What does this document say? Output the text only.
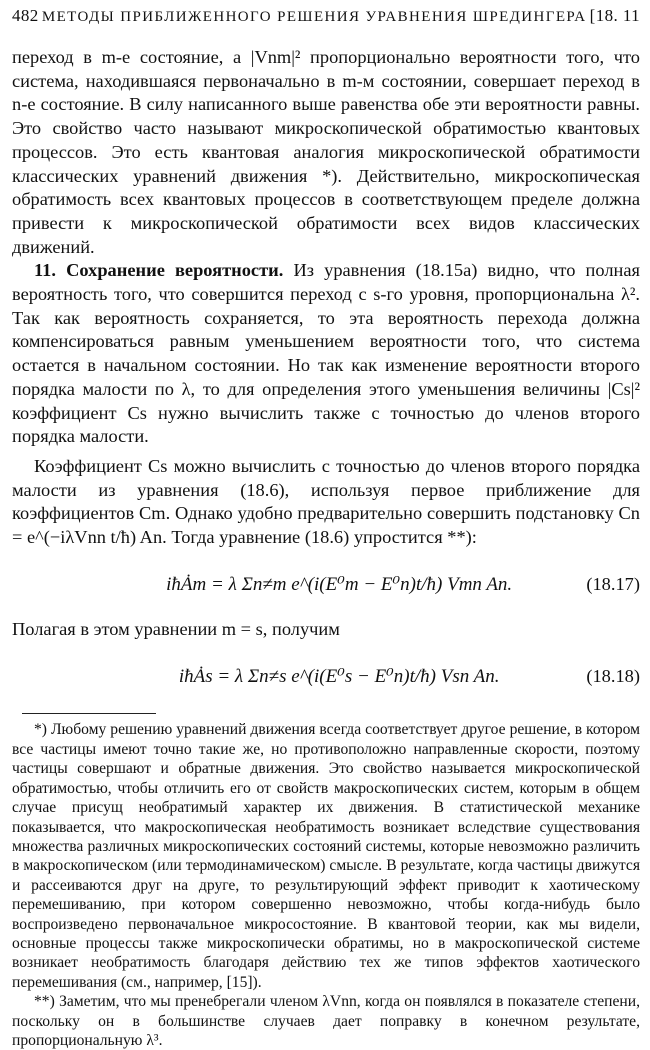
482 МЕТОДЫ ПРИБЛИЖЕННОГО РЕШЕНИЯ УРАВНЕНИЯ ШРЕДИНГЕРА [18. 11

переход в m-е состояние, а |Vnm|² пропорционально вероятности того, что система, находившаяся первоначально в m-м состоянии, совершает переход в n-е состояние. В силу написанного выше равенства обе эти вероятности равны. Это свойство часто называют микроскопической обратимостью квантовых процессов. Это есть квантовая аналогия микроскопической обратимости классических уравнений движения *). Действительно, микроскопическая обратимость всех квантовых процессов в соответствующем пределе должна привести к микроскопической обратимости всех видов классических движений.

11. Сохранение вероятности. Из уравнения (18.15а) видно, что полная вероятность того, что совершится переход с s-го уровня, пропорциональна λ². Так как вероятность сохраняется, то эта вероятность перехода должна компенсироваться равным уменьшением вероятности того, что система остается в начальном состоянии. Но так как изменение вероятности второго порядка малости по λ, то для определения этого уменьшения величины |Cs|² коэффициент Cs нужно вычислить также с точностью до членов второго порядка малости.

Коэффициент Cs можно вычислить с точностью до членов второго порядка малости из уравнения (18.6), используя первое приближение для коэффициентов Cm. Однако удобно предварительно совершить подстановку Cn = e^(−iλVnn t/ħ) An. Тогда уравнение (18.6) упростится **):

iħȦm = λ Σn≠m e^(i(E⁰m − E⁰n)t/ħ) Vmn An.	(18.17)

Полагая в этом уравнении m = s, получим

iħȦs = λ Σn≠s e^(i(E⁰s − E⁰n)t/ħ) Vsn An.	(18.18)

*) Любому решению уравнений движения всегда соответствует другое решение, в котором все частицы имеют точно такие же, но противоположно направленные скорости, поэтому частицы совершают и обратные движения. Это свойство называется микроскопической обратимостью, чтобы отличить его от свойств макроскопических систем, которым в общем случае присущ необратимый характер их движения. В статистической механике показывается, что макроскопическая необратимость возникает вследствие существования множества различных микроскопических состояний системы, которые невозможно различить в макроскопическом (или термодинамическом) смысле. В результате, когда частицы движутся и рассеиваются друг на друге, то результирующий эффект приводит к хаотическому перемешиванию, при котором совершенно невозможно, чтобы когда-нибудь было воспроизведено первоначальное микросостояние. В квантовой теории, как мы видели, основные процессы также микроскопически обратимы, но в макроскопической системе возникает необратимость благодаря действию тех же типов эффектов хаотического перемешивания (см., например, [15]).

**) Заметим, что мы пренебрегали членом λVnn, когда он появлялся в показателе степени, поскольку он в большинстве случаев дает поправку в конечном результате, пропорциональную λ³.
